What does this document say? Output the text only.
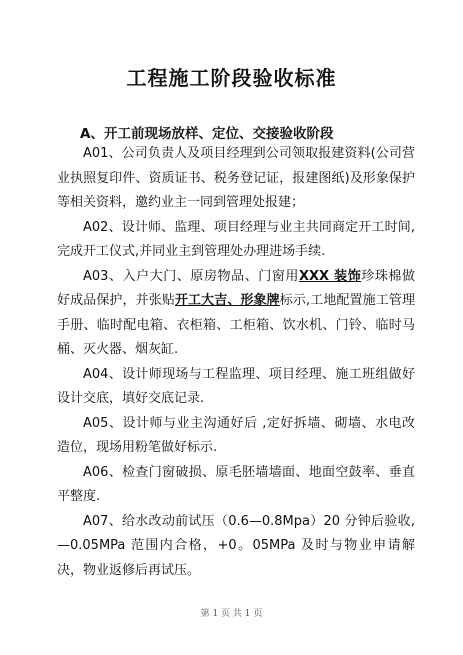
工程施工阶段验收标准
A、开工前现场放样、定位、交接验收阶段

A01、公司负责人及项目经理到公司领取报建资料(公司营业执照复印件、资质证书、税务登记证，报建图纸)及形象保护等相关资料，邀约业主一同到管理处报建；

A02、设计师、监理、项目经理与业主共同商定开工时间,完成开工仪式,并同业主到管理处办理进场手续.

A03、入户大门、原房物品、门窗用XXX 装饰珍珠棉做好成品保护，并张贴开工大吉、形象牌标示,工地配置施工管理手册、临时配电箱、衣柜箱、工柜箱、饮水机、门铃、临时马桶、灭火器、烟灰缸.

A04、设计师现场与工程监理、项目经理、施工班组做好设计交底，填好交底记录.

A05、设计师与业主沟通好后 ,定好拆墙、砌墙、水电改造位，现场用粉笔做好标示.

A06、检查门窗破损、原毛胚墙墙面、地面空鼓率、垂直平整度.

A07、给水改动前试压（0.6—0.8Mpa）20 分钟后验收,—0.05MPa 范围内合格，+0。05MPa 及时与物业申请解决，物业返修后再试压。

第 1 页 共 1 页
